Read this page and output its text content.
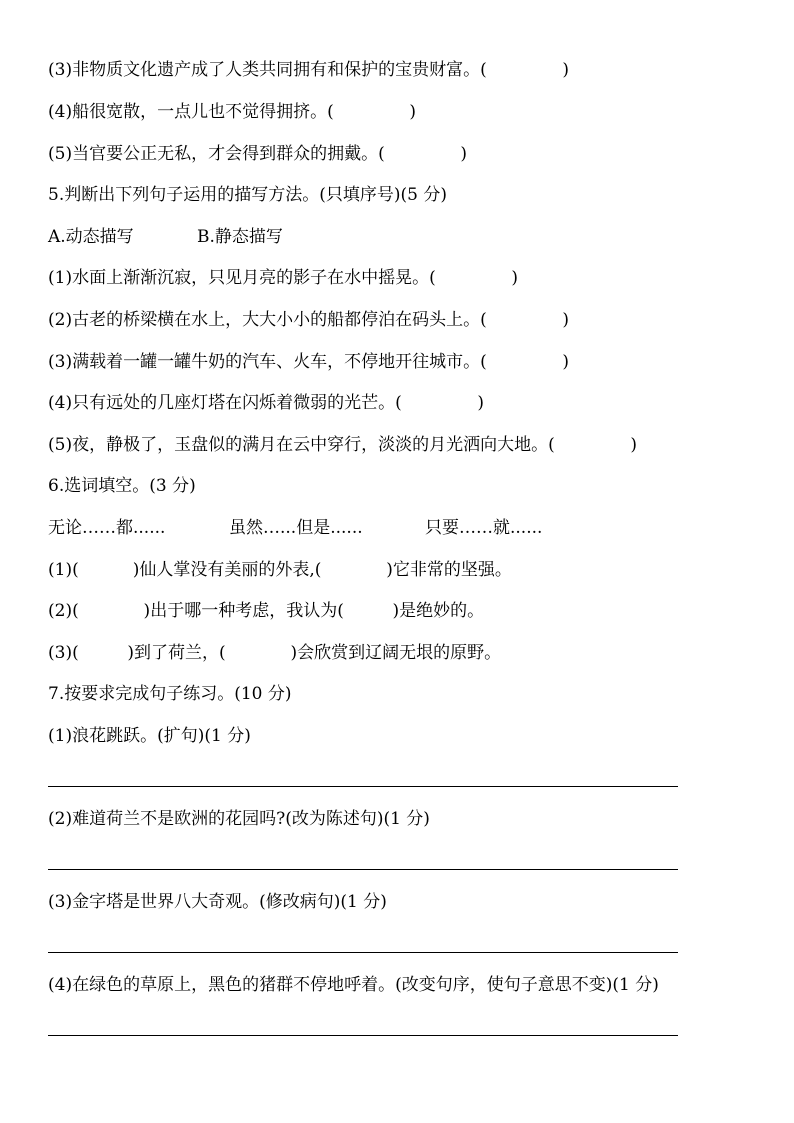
(3)非物质文化遗产成了人类共同拥有和保护的宝贵财富。(              )
(4)船很宽散，一点儿也不觉得拥挤。(              )
(5)当官要公正无私，才会得到群众的拥戴。(              )
5.判断出下列句子运用的描写方法。(只填序号)(5 分)
A.动态描写	B.静态描写
(1)水面上渐渐沉寂，只见月亮的影子在水中摇晃。(              )
(2)古老的桥梁横在水上，大大小小的船都停泊在码头上。(              )
(3)满载着一罐一罐牛奶的汽车、火车，不停地开往城市。(              )
(4)只有远处的几座灯塔在闪烁着微弱的光芒。(              )
(5)夜，静极了，玉盘似的满月在云中穿行，淡淡的月光洒向大地。(              )
6.选词填空。(3 分)
无论……都......	虽然…...但是......	只要……就......
(1)(          )仙人掌没有美丽的外表,(            )它非常的坚强。
(2)(            )出于哪一种考虑，我认为(         )是绝妙的。
(3)(         )到了荷兰，(            )会欣赏到辽阔无垠的原野。
7.按要求完成句子练习。(10 分)
(1)浪花跳跃。(扩句)(1 分)
(2)难道荷兰不是欧洲的花园吗?(改为陈述句)(1 分)
(3)金字塔是世界八大奇观。(修改病句)(1 分)
(4)在绿色的草原上，黑色的猪群不停地呼着。(改变句序，使句子意思不变)(1 分)
